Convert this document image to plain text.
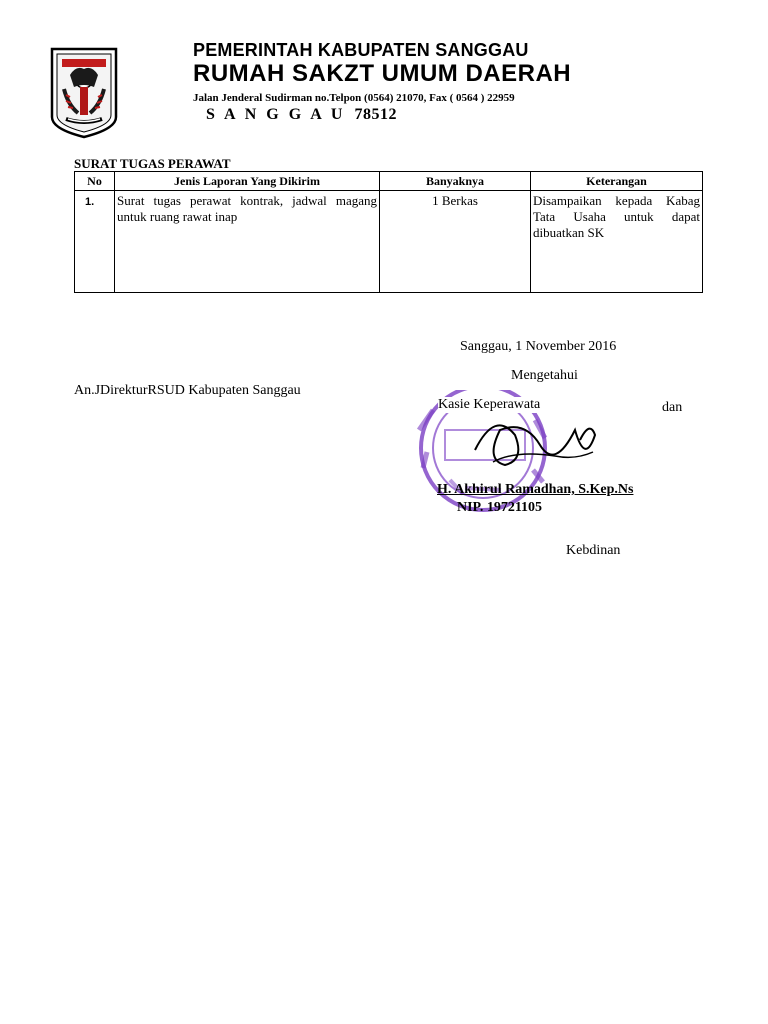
PEMERINTAH KABUPATEN SANGGAU
RUMAH SAKZT UMUM DAERAH
Jalan Jenderal Sudirman no.Telpon (0564) 21070, Fax ( 0564 ) 22959
S A N G G A U 78512
SURAT TUGAS PERAWAT
No	Jenis Laporan Yang Dikirim	Banyaknya	Keterangan
1.	Surat tugas perawat kontrak, jadwal magang untuk ruang rawat inap	1 Berkas	Disampaikan kepada Kabag Tata Usaha untuk dapat dibuatkan SK
Sanggau, 1 November 2016
Mengetahui
An.JDirekturRSUD Kabupaten Sanggau
Kasie Keperawata	dan
H. Akhirul Ramadhan, S.Kep.Ns
NIP. 19721105
Kebdinan
